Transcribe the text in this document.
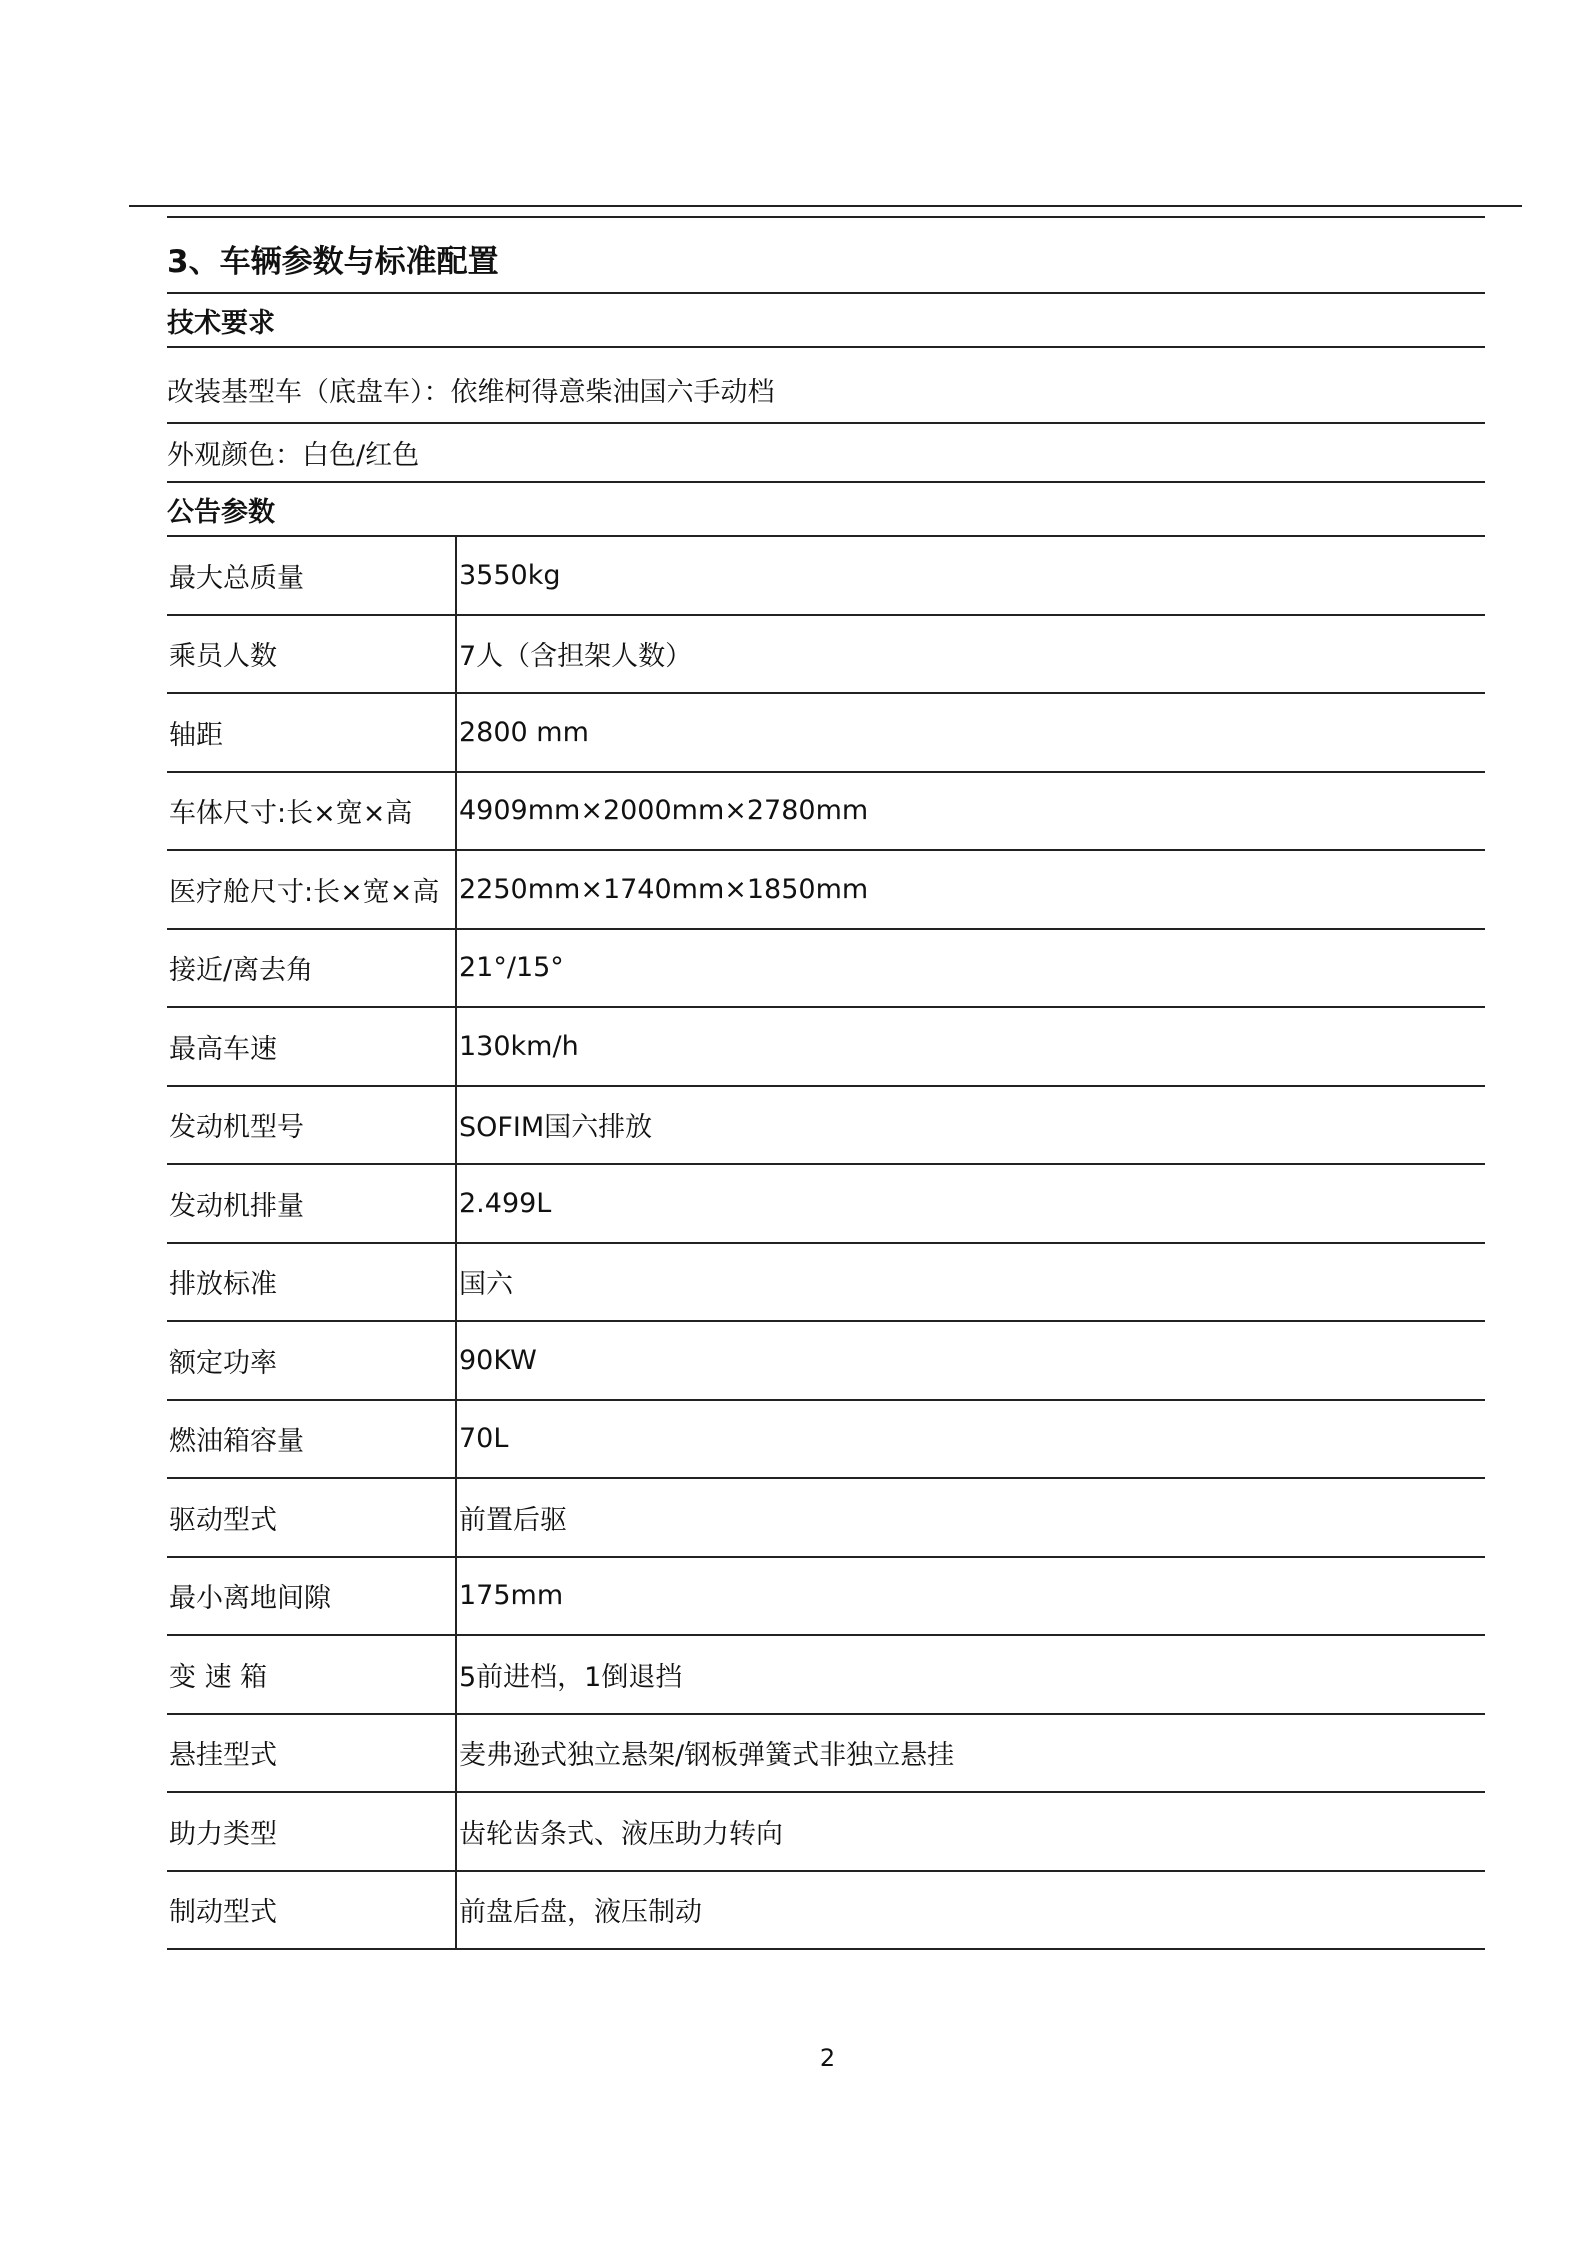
3、车辆参数与标准配置
技术要求
改装基型车（底盘车）：依维柯得意柴油国六手动档
外观颜色：白色/红色
公告参数
最大总质量	3550kg
乘员人数	7人（含担架人数）
轴距	2800 mm
车体尺寸:长×宽×高	4909mm×2000mm×2780mm
医疗舱尺寸:长×宽×高 2250mm×1740mm×1850mm
接近/离去角	21°/15°
最高车速	130km/h
发动机型号	SOFIM国六排放
发动机排量	2.499L
排放标准	国六
额定功率	90KW
燃油箱容量	70L
驱动型式	前置后驱
最小离地间隙	175mm
变 速 箱	5前进档，1倒退挡
悬挂型式	麦弗逊式独立悬架/钢板弹簧式非独立悬挂
助力类型	齿轮齿条式、液压助力转向
制动型式	前盘后盘，液压制动
2
